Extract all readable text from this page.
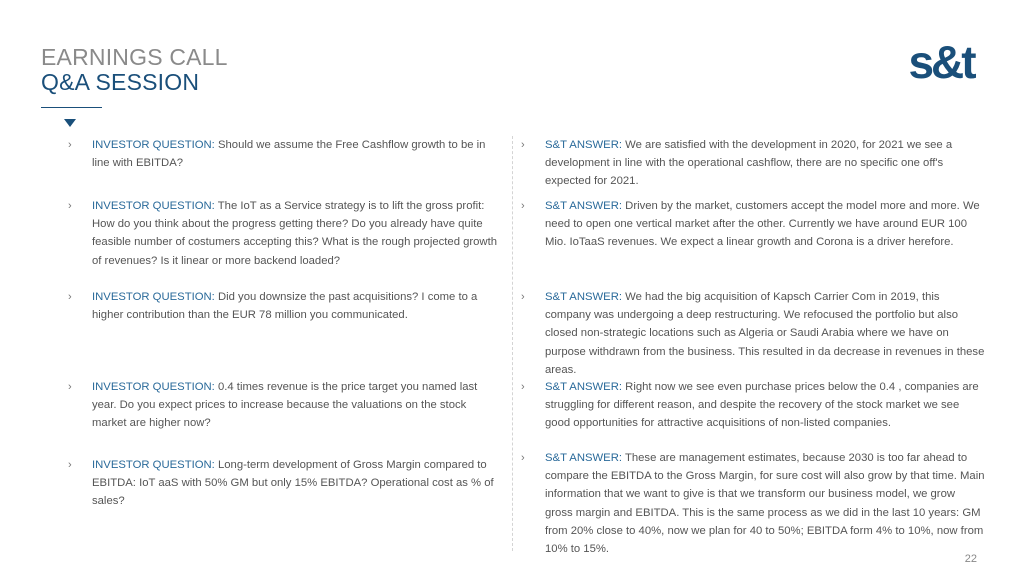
EARNINGS CALL
Q&A SESSION	s&t
› INVESTOR QUESTION: Should we assume the Free Cashflow growth to be in line with EBITDA?
› S&T ANSWER: We are satisfied with the development in 2020, for 2021 we see a development in line with the operational cashflow, there are no specific one off's expected for 2021.
› INVESTOR QUESTION: The IoT as a Service strategy is to lift the gross profit: How do you think about the progress getting there? Do you already have quite feasible number of costumers accepting this? What is the rough projected growth of revenues? Is it linear or more backend loaded?
› S&T ANSWER: Driven by the market, customers accept the model more and more. We need to open one vertical market after the other. Currently we have around EUR 100 Mio. IoTaaS revenues. We expect a linear growth and Corona is a driver herefore.
› INVESTOR QUESTION: Did you downsize the past acquisitions? I come to a higher contribution than the EUR 78 million you communicated.
› S&T ANSWER: We had the big acquisition of Kapsch Carrier Com in 2019, this company was undergoing a deep restructuring. We refocused the portfolio but also closed non-strategic locations such as Algeria or Saudi Arabia where we have on purpose withdrawn from the business. This resulted in da decrease in revenues in these areas.
› INVESTOR QUESTION: 0.4 times revenue is the price target you named last year. Do you expect prices to increase because the valuations on the stock market are higher now?
› S&T ANSWER: Right now we see even purchase prices below the 0.4 , companies are struggling for different reason, and despite the recovery of the stock market we see good opportunities for attractive acquisitions of non-listed companies.
› INVESTOR QUESTION: Long-term development of Gross Margin compared to EBITDA: IoT aaS with 50% GM but only 15% EBITDA? Operational cost as % of sales?
› S&T ANSWER: These are management estimates, because 2030 is too far ahead to compare the EBITDA to the Gross Margin, for sure cost will also grow by that time. Main information that we want to give is that we transform our business model, we grow gross margin and EBITDA. This is the same process as we did in the last 10 years: GM from 20% close to 40%, now we plan for 40 to 50%; EBITDA form 4% to 10%, now from 10% to 15%.
22
